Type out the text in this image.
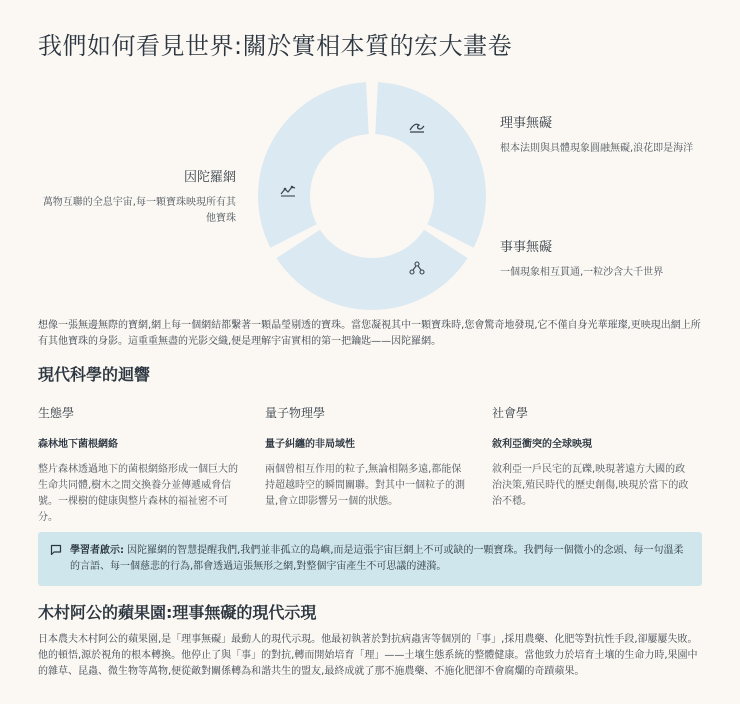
我們如何看見世界:關於實相本質的宏大畫卷
理事無礙
根本法則與具體現象圓融無礙,浪花即是海洋
事事無礙
一個現象相互貫通,一粒沙含大千世界
因陀羅網
萬物互聯的全息宇宙,每一顆寶珠映現所有其他寶珠

想像一張無邊無際的寶網,網上每一個網結都繫著一顆晶瑩剔透的寶珠。當您凝視其中一顆寶珠時,您會驚奇地發現,它不僅自身光華璀璨,更映現出網上所有其他寶珠的身影。這重重無盡的光影交織,便是理解宇宙實相的第一把鑰匙——因陀羅網。

現代科學的迴響
生態學
森林地下菌根網絡
整片森林透過地下的菌根網絡形成一個巨大的生命共同體,樹木之間交換養分並傳遞威脅信號。一棵樹的健康與整片森林的福祉密不可分。
量子物理學
量子糾纏的非局域性
兩個曾相互作用的粒子,無論相隔多遠,都能保持超越時空的瞬間關聯。對其中一個粒子的測量,會立即影響另一個的狀態。
社會學
敘利亞衝突的全球映現
敘利亞一戶民宅的瓦礫,映現著遠方大國的政治決策,殖民時代的歷史創傷,映現於當下的政治不穩。

學習者啟示: 因陀羅網的智慧提醒我們,我們並非孤立的島嶼,而是這張宇宙巨網上不可或缺的一顆寶珠。我們每一個微小的念頭、每一句溫柔的言語、每一個慈悲的行為,都會透過這張無形之網,對整個宇宙產生不可思議的漣漪。

木村阿公的蘋果園:理事無礙的現代示現

日本農夫木村阿公的蘋果園,是「理事無礙」最動人的現代示現。他最初執著於對抗病蟲害等個別的「事」,採用農藥、化肥等對抗性手段,卻屢屢失敗。他的頓悟,源於視角的根本轉換。他停止了與「事」的對抗,轉而開始培育「理」——土壤生態系統的整體健康。當他致力於培育土壤的生命力時,果園中的雜草、昆蟲、微生物等萬物,便從敵對關係轉為和諧共生的盟友,最終成就了那不施農藥、不施化肥卻不會腐爛的奇蹟蘋果。
